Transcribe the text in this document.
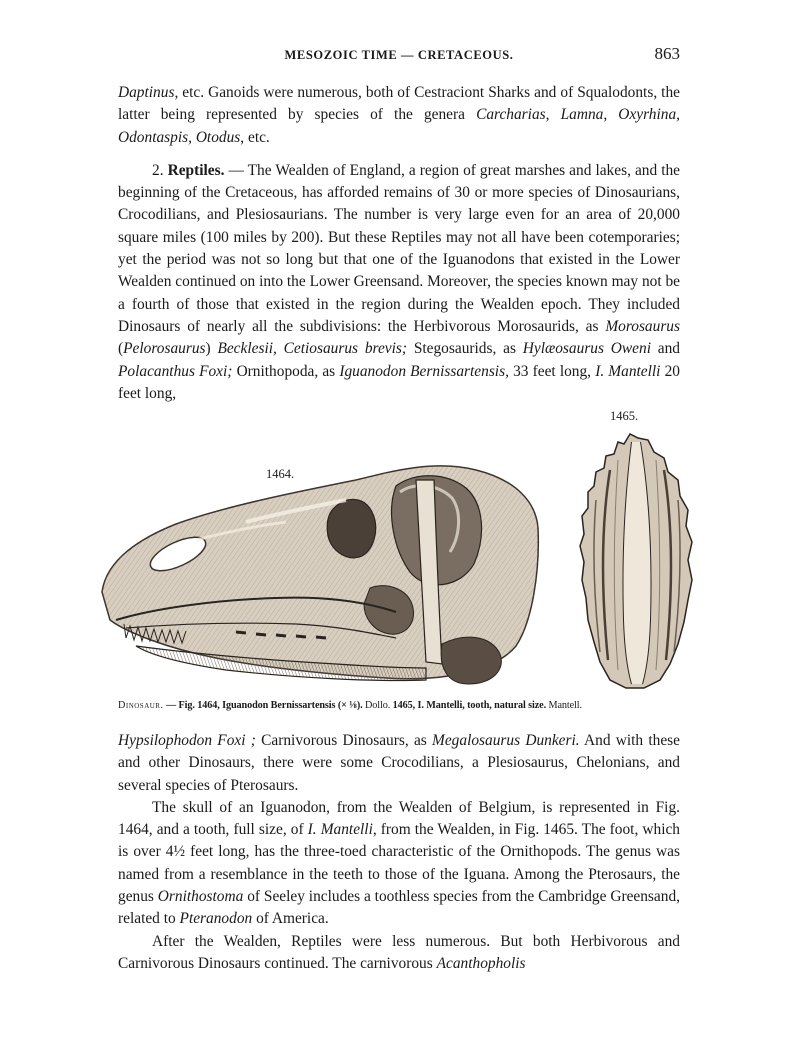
MESOZOIC TIME — CRETACEOUS.	863

Daptinus, etc. Ganoids were numerous, both of Cestraciont Sharks and of Squalodonts, the latter being represented by species of the genera Carcharias, Lamna, Oxyrhina, Odontaspis, Otodus, etc.

2. Reptiles. — The Wealden of England, a region of great marshes and lakes, and the beginning of the Cretaceous, has afforded remains of 30 or more species of Dinosaurians, Crocodilians, and Plesiosaurians. The number is very large even for an area of 20,000 square miles (100 miles by 200). But these Reptiles may not all have been cotemporaries; yet the period was not so long but that one of the Iguanodons that existed in the Lower Wealden continued on into the Lower Greensand. Moreover, the species known may not be a fourth of those that existed in the region during the Wealden epoch. They included Dinosaurs of nearly all the subdivisions: the Herbivorous Morosaurids, as Morosaurus (Pelorosaurus) Becklesii, Cetiosaurus brevis; Stegosaurids, as Hylæosaurus Oweni and Polacanthus Foxi; Ornithopoda, as Iguanodon Bernissartensis, 33 feet long, I. Mantelli 20 feet long,

1464.
1465.
Dinosaur. — Fig. 1464, Iguanodon Bernissartensis (× ⅛). Dollo. 1465, I. Mantelli, tooth, natural size. Mantell.

Hypsilophodon Foxi ; Carnivorous Dinosaurs, as Megalosaurus Dunkeri. And with these and other Dinosaurs, there were some Crocodilians, a Plesiosaurus, Chelonians, and several species of Pterosaurs.

The skull of an Iguanodon, from the Wealden of Belgium, is represented in Fig. 1464, and a tooth, full size, of I. Mantelli, from the Wealden, in Fig. 1465. The foot, which is over 4½ feet long, has the three-toed characteristic of the Ornithopods. The genus was named from a resemblance in the teeth to those of the Iguana. Among the Pterosaurs, the genus Ornithostoma of Seeley includes a toothless species from the Cambridge Greensand, related to Pteranodon of America.

After the Wealden, Reptiles were less numerous. But both Herbivorous and Carnivorous Dinosaurs continued. The carnivorous Acanthopholis
